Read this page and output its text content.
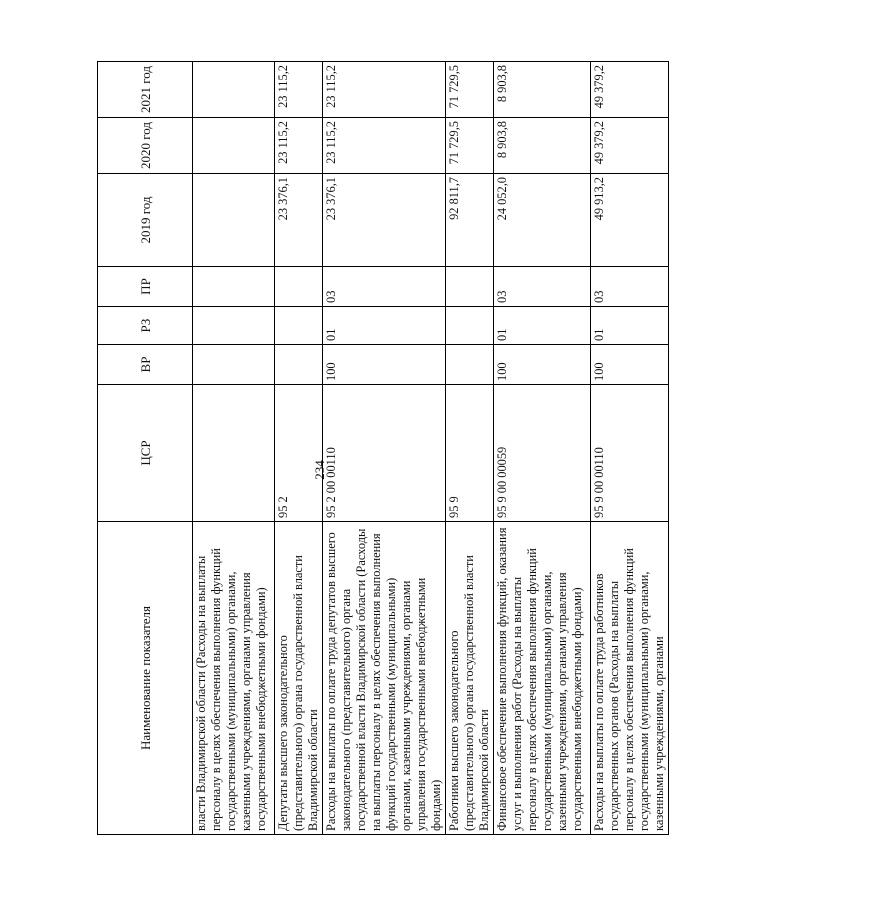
234
Наименование показателя	ЦСР	ВР	РЗ	ПР	2019 год	2020 год	2021 год
власти Владимирской области (Расходы на выплаты персоналу в целях обеспечения выполнения функций государственными (муниципальными) органами, казенными учреждениями, органами управления государственными внебюджетными фондами)							
Депутаты высшего законодательного (представительного) органа государственной власти Владимирской области	95 2				23 376,1	23 115,2	23 115,2
Расходы на выплаты по оплате труда депутатов высшего законодательного (представительного) органа государственной власти Владимирской области (Расходы на выплаты персоналу в целях обеспечения выполнения функций государственными (муниципальными) органами, казенными учреждениями, органами управления государственными внебюджетными фондами)	95 2 00 00110	100	01	03	23 376,1	23 115,2	23 115,2
Работники высшего законодательного (представительного) органа государственной власти Владимирской области	95 9				92 811,7	71 729,5	71 729,5
Финансовое обеспечение выполнения функций, оказания услуг и выполнения работ (Расходы на выплаты персоналу в целях обеспечения выполнения функций государственными (муниципальными) органами, казенными учреждениями, органами управления государственными внебюджетными фондами)	95 9 00 00059	100	01	03	24 052,0	8 903,8	8 903,8
Расходы на выплаты по оплате труда работников государственных органов (Расходы на выплаты персоналу в целях обеспечения выполнения функций государственными (муниципальными) органами, казенными учреждениями, органами	95 9 00 00110	100	01	03	49 913,2	49 379,2	49 379,2
